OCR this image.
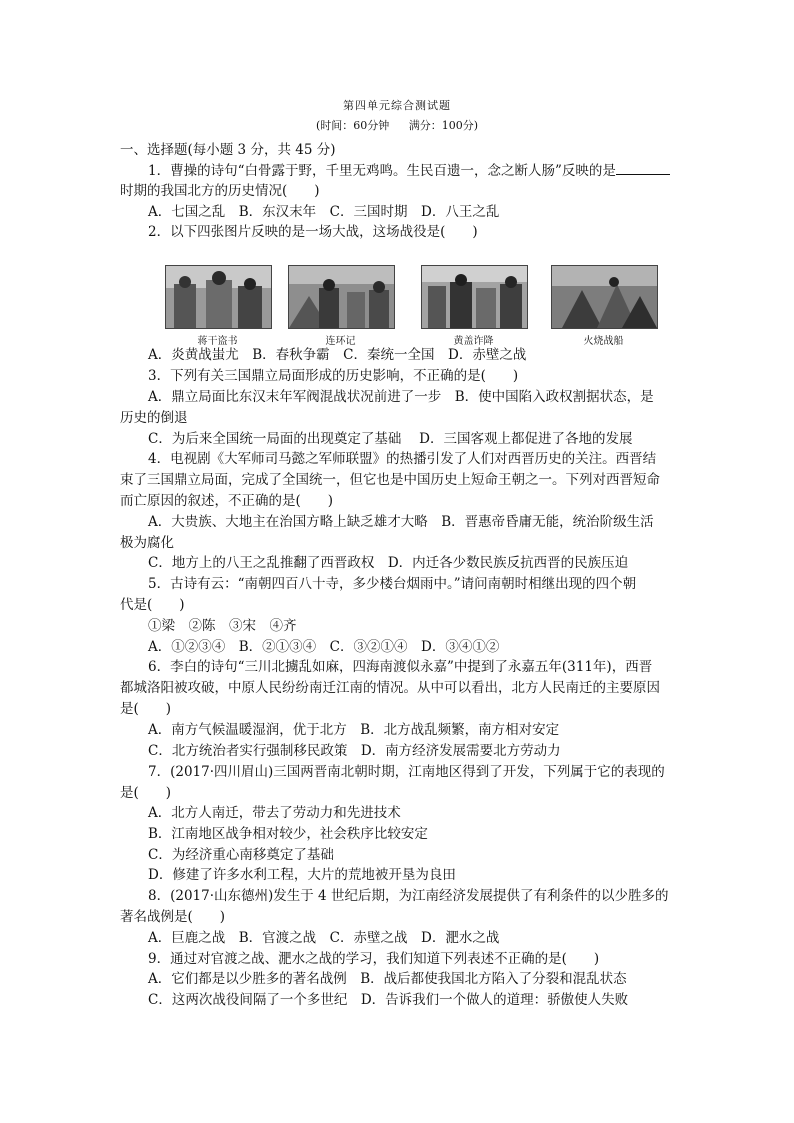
第四单元综合测试题
(时间：60分钟 满分：100分)
一、选择题(每小题 3 分，共 45 分)
1．曹操的诗句“白骨露于野，千里无鸡鸣。生民百遗一，念之断人肠”反映的是
时期的我国北方的历史情况(　　)
A．七国之乱　B．东汉末年　C．三国时期　D．八王之乱
2．以下四张图片反映的是一场大战，这场战役是(　　)
蒋干盗书	连环记	黄盖诈降	火烧战船
A．炎黄战蚩尤　B．春秋争霸　C．秦统一全国　D．赤壁之战
3．下列有关三国鼎立局面形成的历史影响，不正确的是(　　)
A．鼎立局面比东汉末年军阀混战状况前进了一步　B．使中国陷入政权割据状态，是
历史的倒退
C．为后来全国统一局面的出现奠定了基础　 D．三国客观上都促进了各地的发展
4．电视剧《大军师司马懿之军师联盟》的热播引发了人们对西晋历史的关注。西晋结
束了三国鼎立局面，完成了全国统一，但它也是中国历史上短命王朝之一。下列对西晋短命
而亡原因的叙述，不正确的是(　　)
A．大贵族、大地主在治国方略上缺乏雄才大略　B．晋惠帝昏庸无能，统治阶级生活
极为腐化
C．地方上的八王之乱推翻了西晋政权　D．内迁各少数民族反抗西晋的民族压迫
5．古诗有云：“南朝四百八十寺，多少楼台烟雨中。”请问南朝时相继出现的四个朝
代是(　　)
①梁　②陈　③宋　④齐
A．①②③④　B．②①③④　C．③②①④　D．③④①②
6．李白的诗句“三川北擄乱如麻，四海南渡似永嘉”中提到了永嘉五年(311年)，西晋
都城洛阳被攻破，中原人民纷纷南迁江南的情况。从中可以看出，北方人民南迁的主要原因
是(　　)
A．南方气候温暖湿润，优于北方　B．北方战乱频繁，南方相对安定
C．北方统治者实行强制移民政策　D．南方经济发展需要北方劳动力
7．(2017·四川眉山)三国两晋南北朝时期，江南地区得到了开发，下列属于它的表现的
是(　　)
A．北方人南迁，带去了劳动力和先进技术
B．江南地区战争相对较少，社会秩序比较安定
C．为经济重心南移奠定了基础
D．修建了许多水利工程，大片的荒地被开垦为良田
8．(2017·山东德州)发生于 4 世纪后期，为江南经济发展提供了有利条件的以少胜多的
著名战例是(　　)
A．巨鹿之战　B．官渡之战　C．赤壁之战　D．淝水之战
9．通过对官渡之战、淝水之战的学习，我们知道下列表述不正确的是(　　)
A．它们都是以少胜多的著名战例　B．战后都使我国北方陷入了分裂和混乱状态
C．这两次战役间隔了一个多世纪　D．告诉我们一个做人的道理：骄傲使人失败
